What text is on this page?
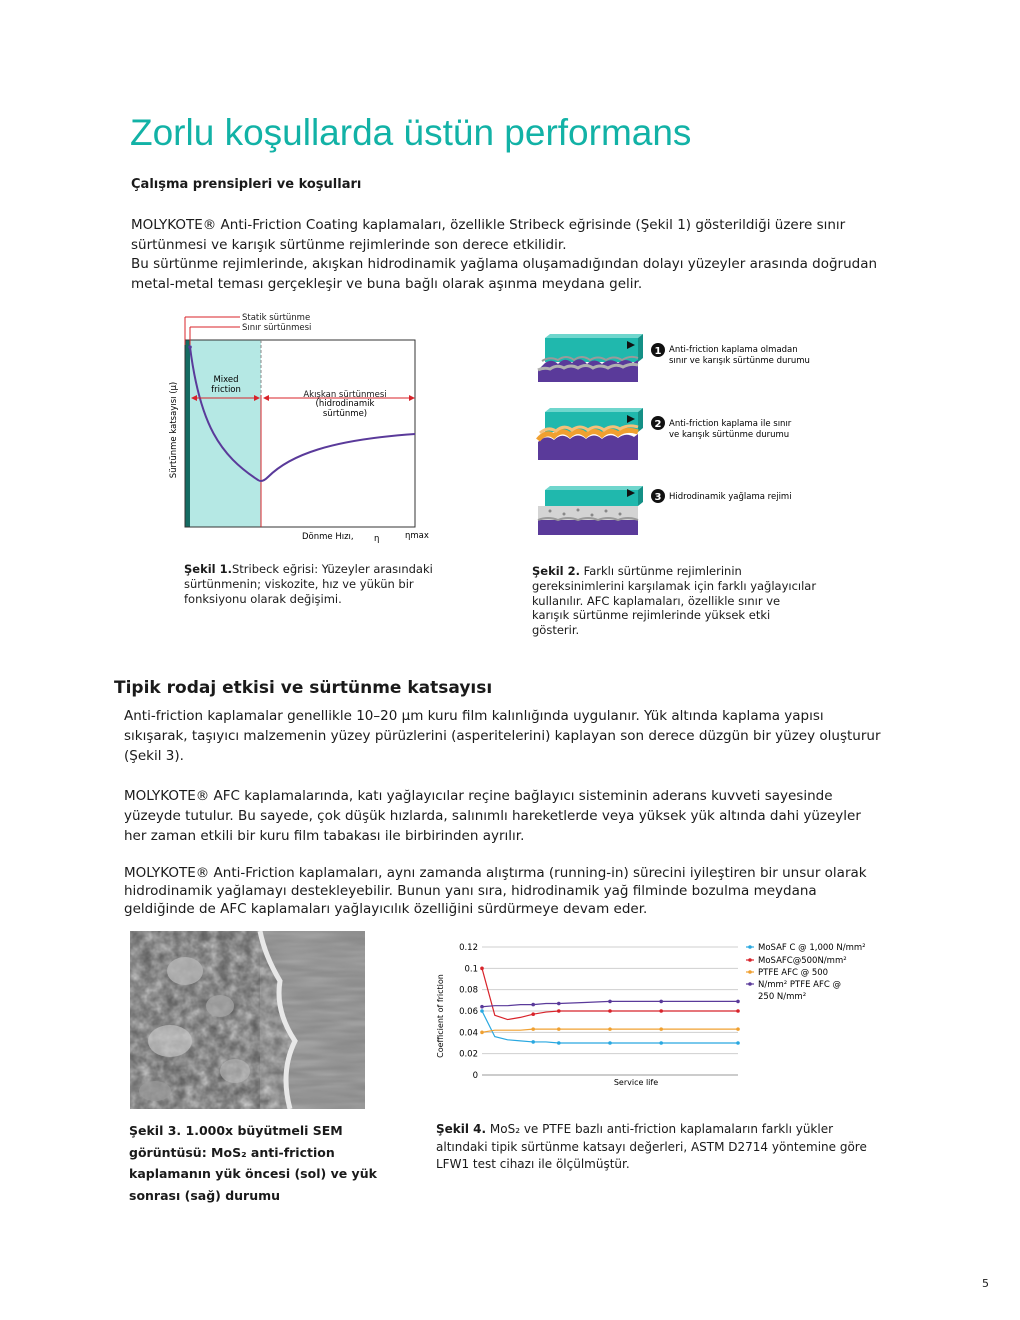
Zorlu koşullarda üstün performans
Çalışma prensipleri ve koşulları

MOLYKOTE® Anti-Friction Coating kaplamaları, özellikle Stribeck eğrisinde (Şekil 1) gösterildiği üzere sınır

sürtünmesi ve karışık sürtünme rejimlerinde son derece etkilidir.

Bu sürtünme rejimlerinde, akışkan hidrodinamik yağlama oluşamadığından dolayı yüzeyler arasında doğrudan

metal-metal teması gerçekleşir ve buna bağlı olarak aşınma meydana gelir.

Statik sürtünme
Sınır sürtünmesi
Mixed
friction	Akışkan sürtünmesi
(hidrodinamik
sürtünme)
Sürtünme katsayısı (µ)
Dönme Hızı, η	ηmax

Şekil 1.Stribeck eğrisi: Yüzeyler arasındaki

sürtünmenin; viskozite, hız ve yükün bir

fonksiyonu olarak değişimi.

1 Anti-friction kaplama olmadan
sınır ve karışık sürtünme durumu
2 Anti-friction kaplama ile sınır
ve karışık sürtünme durumu
3 Hidrodinamik yağlama rejimi

Şekil 2. Farklı sürtünme rejimlerinin

gereksinimlerini karşılamak için farklı yağlayıcılar

kullanılır. AFC kaplamaları, özellikle sınır ve

karışık sürtünme rejimlerinde yüksek etki

gösterir.

Tipik rodaj etkisi ve sürtünme katsayısı

Anti-friction kaplamalar genellikle 10–20 µm kuru film kalınlığında uygulanır. Yük altında kaplama yapısı

sıkışarak, taşıyıcı malzemenin yüzey pürüzlerini (asperitelerini) kaplayan son derece düzgün bir yüzey oluşturur

(Şekil 3).

MOLYKOTE® AFC kaplamalarında, katı yağlayıcılar reçine bağlayıcı sisteminin aderans kuvveti sayesinde

yüzeyde tutulur. Bu sayede, çok düşük hızlarda, salınımlı hareketlerde veya yüksek yük altında dahi yüzeyler

her zaman etkili bir kuru film tabakası ile birbirinden ayrılır.

MOLYKOTE® Anti-Friction kaplamaları, aynı zamanda alıştırma (running-in) sürecini iyileştiren bir unsur olarak

hidrodinamik yağlamayı destekleyebilir. Bunun yanı sıra, hidrodinamik yağ filminde bozulma meydana

geldiğinde de AFC kaplamaları yağlayıcılık özelliğini sürdürmeye devam eder.

Şekil 3. 1.000x büyütmeli SEM

görüntüsü: MoS₂ anti-friction

kaplamanın yük öncesi (sol) ve yük

sonrası (sağ) durumu

0
0.02
0.04
0.06
0.08
0.1
0.12
Service life
Coefficient of friction
MoSAF C @ 1,000 N/mm²
MoSAFC@500N/mm²
PTFE AFC @ 500
N/mm² PTFE AFC @
250 N/mm²

Şekil 4. MoS₂ ve PTFE bazlı anti-friction kaplamaların farklı yükler

altındaki tipik sürtünme katsayı değerleri, ASTM D2714 yöntemine göre

LFW1 test cihazı ile ölçülmüştür.

5
